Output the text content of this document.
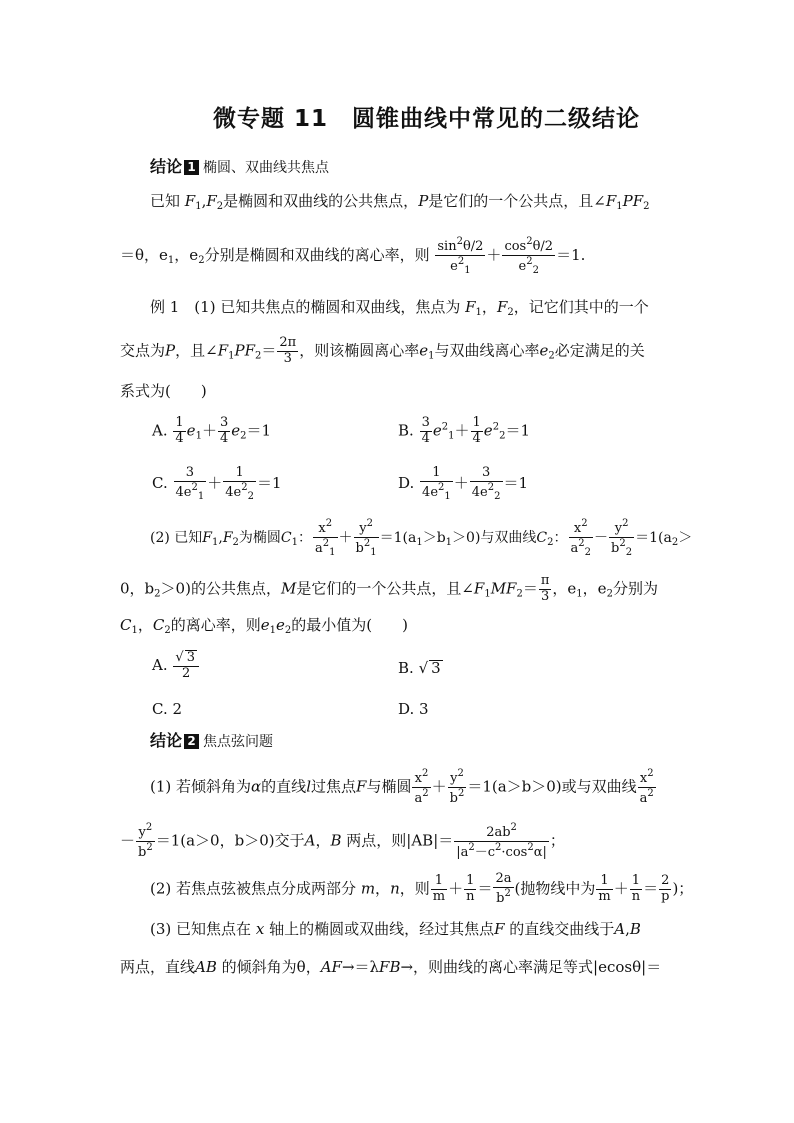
微专题 11　圆锥曲线中常见的二级结论
结论 1 椭圆、双曲线共焦点
已知 $F_1,F_2$是椭圆和双曲线的公共焦点，P是它们的一个公共点，且$\angle F_1PF_2$
＝θ，$e_1$，$e_2$分别是椭圆和双曲线的离心率，则 $\frac{\sin^2\theta/2}{e^2_1} + \frac{\cos^2\theta/2}{e^2_2} =1$.
例 1　(1) 已知共焦点的椭圆和双曲线，焦点为 $F_1$，$F_2$，记它们其中的一个
交点为P，且$\angle F_1PF_2= \frac{2\pi}{3}$ ，则该椭圆离心率$e_1$与双曲线离心率$e_2$必定满足的关
系式为(　　)
A. $\frac{1}{4} e_1+ \frac{3}{4} e_2=1$	B. $\frac{3}{4} e^2_1+ \frac{1}{4} e^2_2=1$
C. $\frac{3}{4e^2_1} + \frac{1}{4e^2_2} =1$	D. $\frac{1}{4e^2_1} + \frac{3}{4e^2_2} =1$
(2) 已知$F_1,F_2$为椭圆$C_1$： $\frac{x^2}{a^2_1} + \frac{y^2}{b^2_1} =1(a_1>b_1>0)$与双曲线$C_2$： $\frac{x^2}{a^2_2} - \frac{y^2}{b^2_2} =1(a_2>$
0，$b_2>0$)的公共焦点，M是它们的一个公共点，且$\angle F_1MF_2= \frac{\pi}{3}$ ，$e_1$，$e_2$分别为
$C_1$，$C_2$的离心率，则$e_1e_2$的最小值为(　　)
A. $\frac{√ 3}{2}$	B. √ 3
C. 2	D. 3
结论 2 焦点弦问题
(1) 若倾斜角为α的直线l过焦点F与椭圆 $\frac{x^2}{a^2} + \frac{y^2}{b^2} =1(a>b>0)$或与双曲线 $\frac{x^2}{a^2}$
－ $\frac{y^2}{b^2} =1(a>0$，b＞0)交于A，B 两点，则$|AB|= \frac{2ab^2}{|a^2-c^2\cdot\cos^2\alpha|}$ ；
(2) 若焦点弦被焦点分成两部分 m，n，则 $\frac{1}{m} + \frac{1}{n} = \frac{2a}{b^2}$ (抛物线中为 $\frac{1}{m} + \frac{1}{n} = \frac{2}{p}$ )；
(3) 已知焦点在 x 轴上的椭圆或双曲线，经过其焦点F 的直线交曲线于A,B
两点，直线AB 的倾斜角为θ，AF→＝λFB→，则曲线的离心率满足等式|ecosθ|＝
